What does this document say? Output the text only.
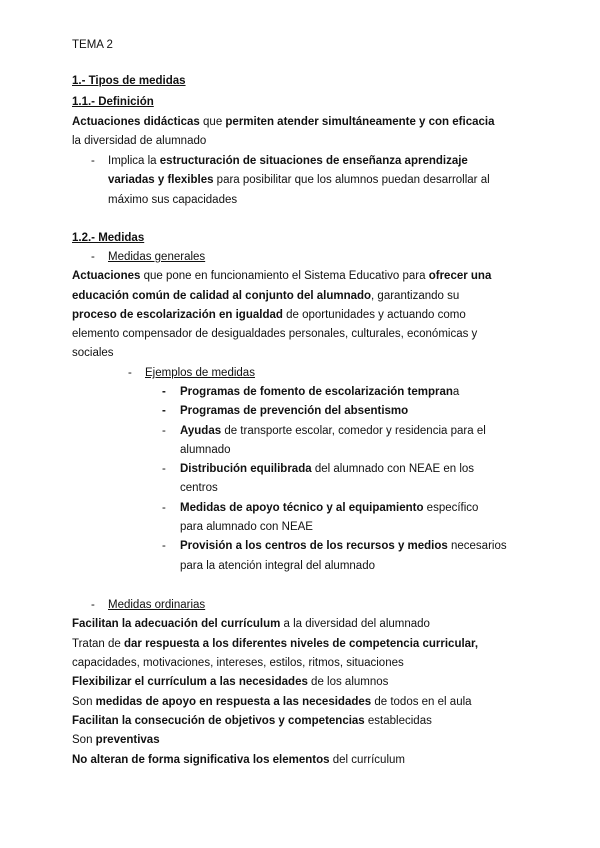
TEMA 2
1.- Tipos de medidas
1.1.- Definición
Actuaciones didácticas que permiten atender simultáneamente y con eficacia
la diversidad de alumnado
- Implica la estructuración de situaciones de enseñanza aprendizaje
variadas y flexibles para posibilitar que los alumnos puedan desarrollar al
máximo sus capacidades
1.2.- Medidas
- Medidas generales
Actuaciones que pone en funcionamiento el Sistema Educativo para ofrecer una
educación común de calidad al conjunto del alumnado, garantizando su
proceso de escolarización en igualdad de oportunidades y actuando como
elemento compensador de desigualdades personales, culturales, económicas y
sociales
- Ejemplos de medidas
- Programas de fomento de escolarización temprana
- Programas de prevención del absentismo
- Ayudas de transporte escolar, comedor y residencia para el
alumnado
- Distribución equilibrada del alumnado con NEAE en los
centros
- Medidas de apoyo técnico y al equipamiento específico
para alumnado con NEAE
- Provisión a los centros de los recursos y medios necesarios
para la atención integral del alumnado
- Medidas ordinarias
Facilitan la adecuación del currículum a la diversidad del alumnado
Tratan de dar respuesta a los diferentes niveles de competencia curricular,
capacidades, motivaciones, intereses, estilos, ritmos, situaciones
Flexibilizar el currículum a las necesidades de los alumnos
Son medidas de apoyo en respuesta a las necesidades de todos en el aula
Facilitan la consecución de objetivos y competencias establecidas
Son preventivas
No alteran de forma significativa los elementos del currículum
